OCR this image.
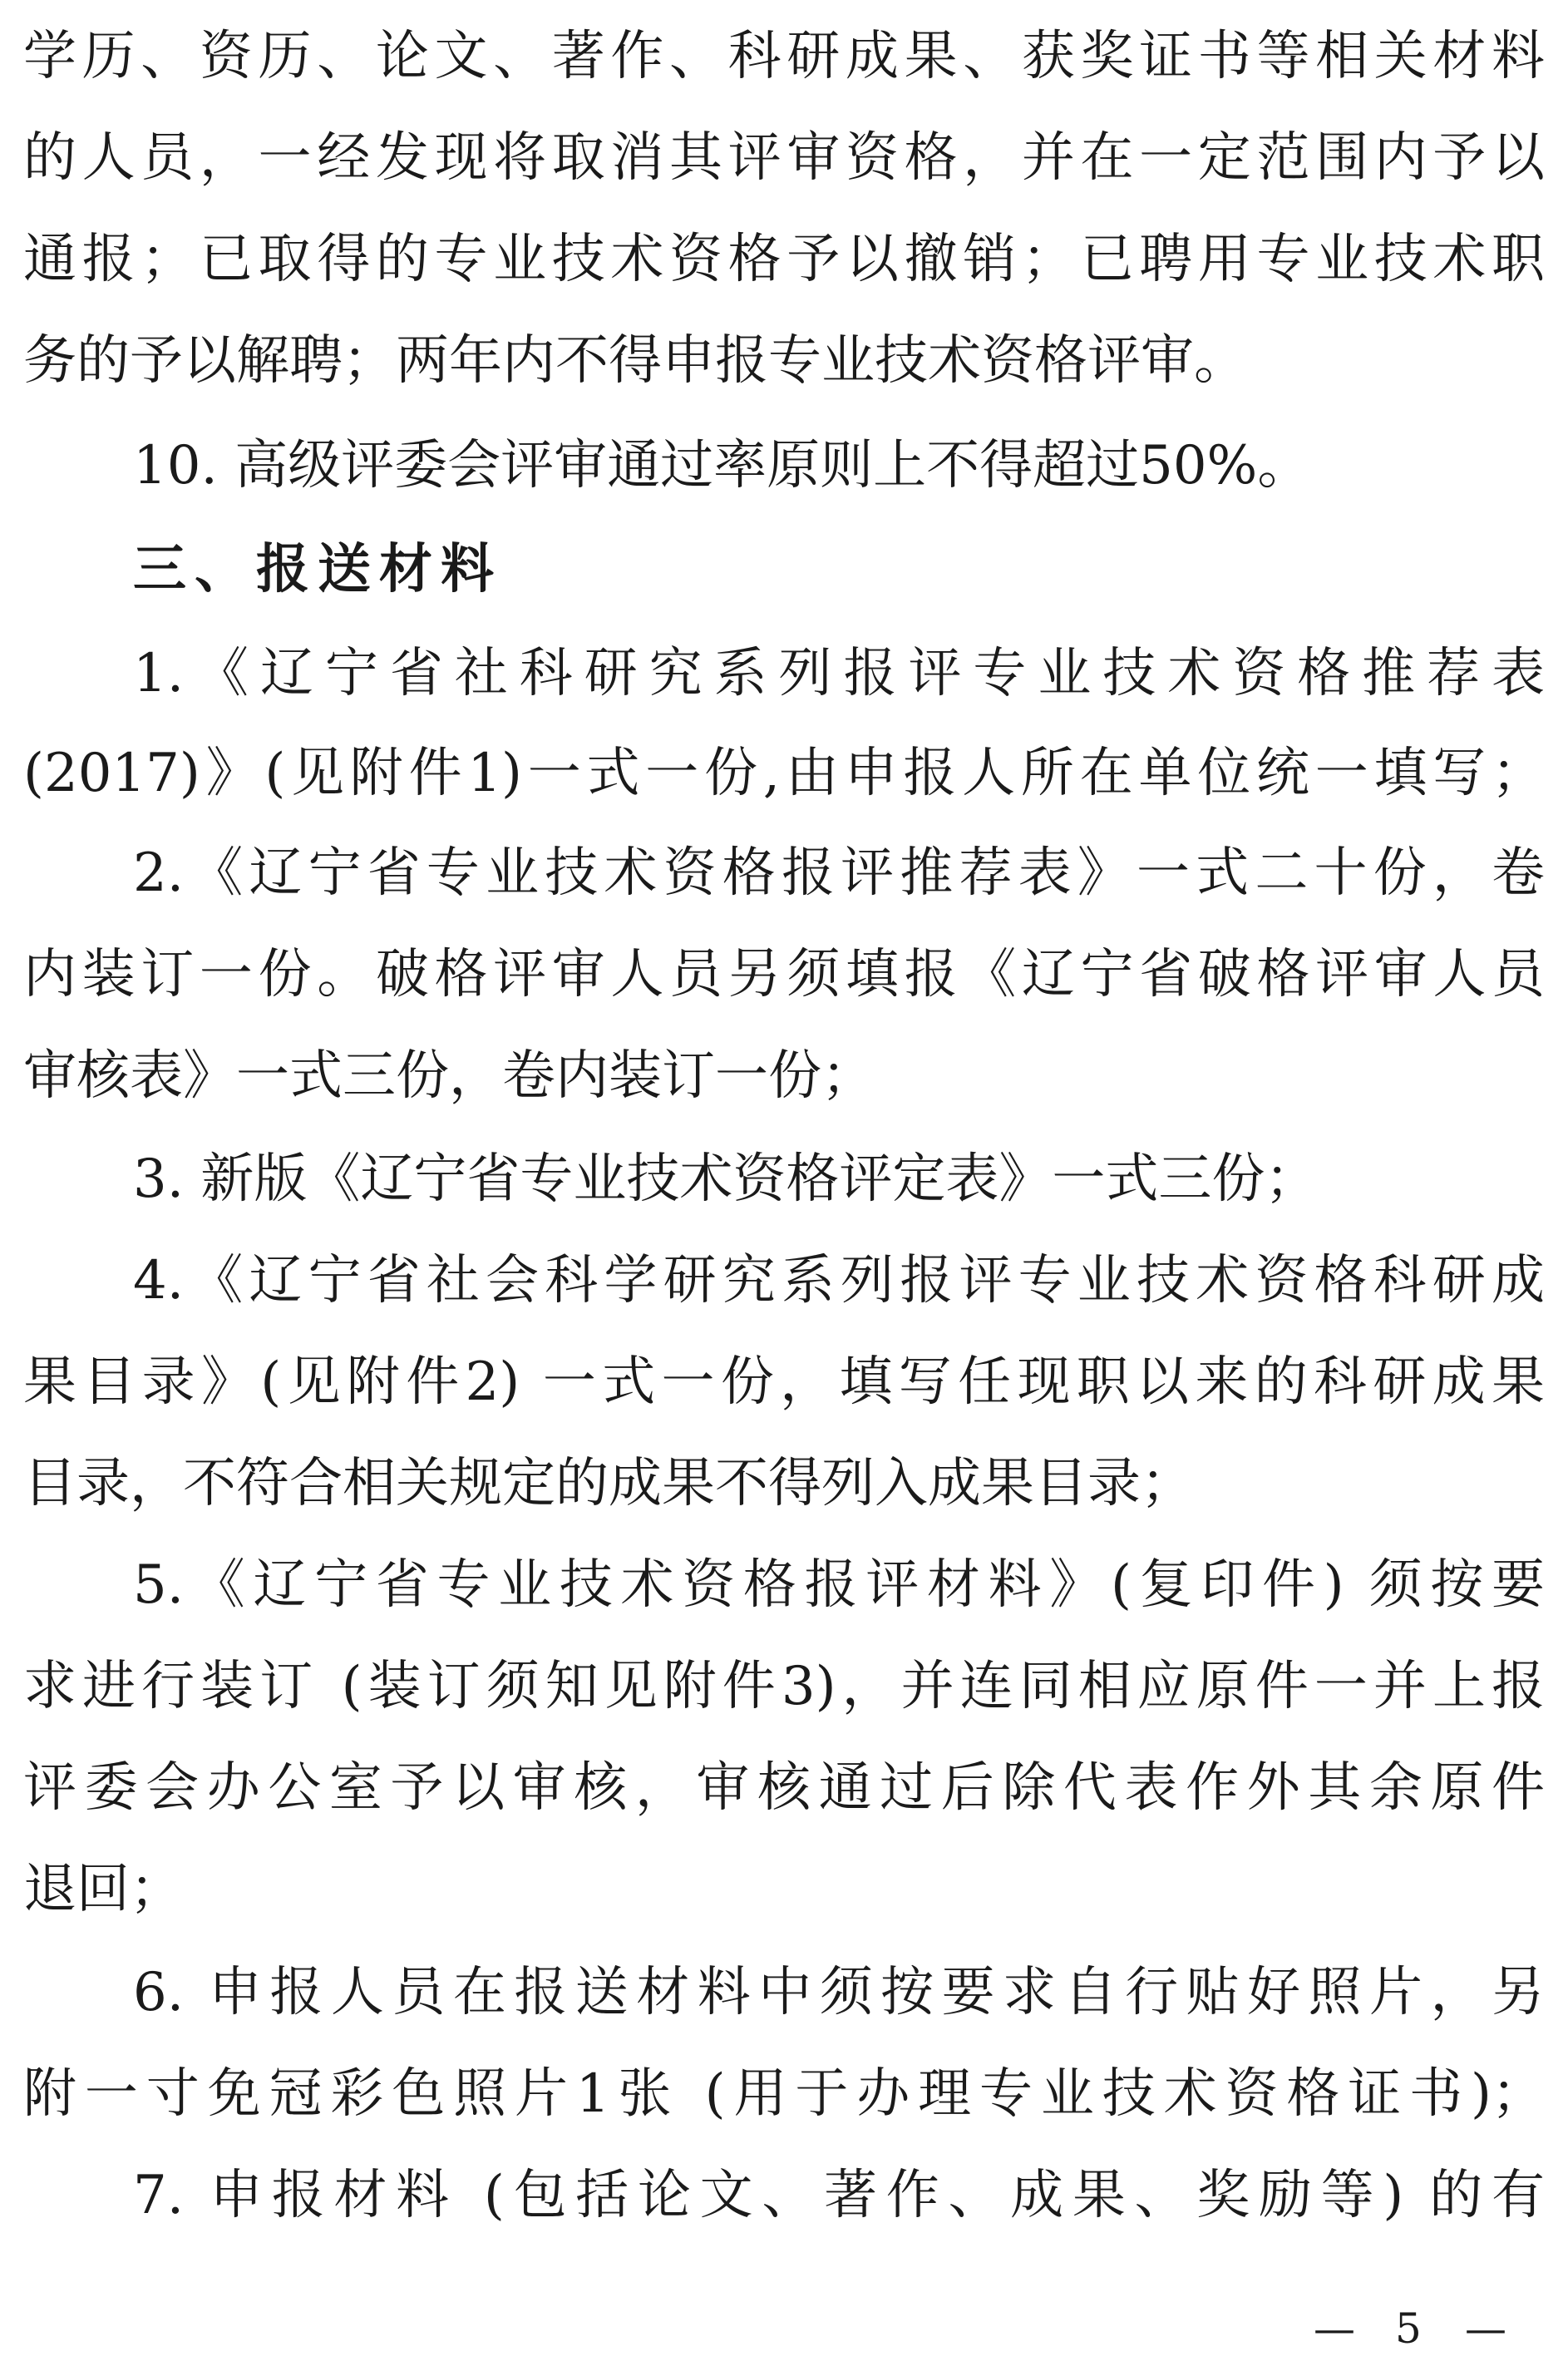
学历、资历、论文、著作、科研成果、获奖证书等相关材料
的人员，一经发现将取消其评审资格，并在一定范围内予以
通报；已取得的专业技术资格予以撤销；已聘用专业技术职
务的予以解聘；两年内不得申报专业技术资格评审。
10. 高级评委会评审通过率原则上不得超过50%。
三、报送材料
1.《辽宁省社科研究系列报评专业技术资格推荐表
(2017)》(见附件1)一式一份,由申报人所在单位统一填写；
2.《辽宁省专业技术资格报评推荐表》一式二十份，卷
内装订一份。破格评审人员另须填报《辽宁省破格评审人员
审核表》一式三份，卷内装订一份；
3. 新版《辽宁省专业技术资格评定表》一式三份；
4.《辽宁省社会科学研究系列报评专业技术资格科研成
果目录》(见附件2) 一式一份，填写任现职以来的科研成果
目录，不符合相关规定的成果不得列入成果目录；
5.《辽宁省专业技术资格报评材料》(复印件) 须按要
求进行装订 (装订须知见附件3)，并连同相应原件一并上报
评委会办公室予以审核，审核通过后除代表作外其余原件
退回；
6. 申报人员在报送材料中须按要求自行贴好照片，另
附一寸免冠彩色照片1张 (用于办理专业技术资格证书)；
7. 申报材料 (包括论文、著作、成果、奖励等) 的有
— 5 —
